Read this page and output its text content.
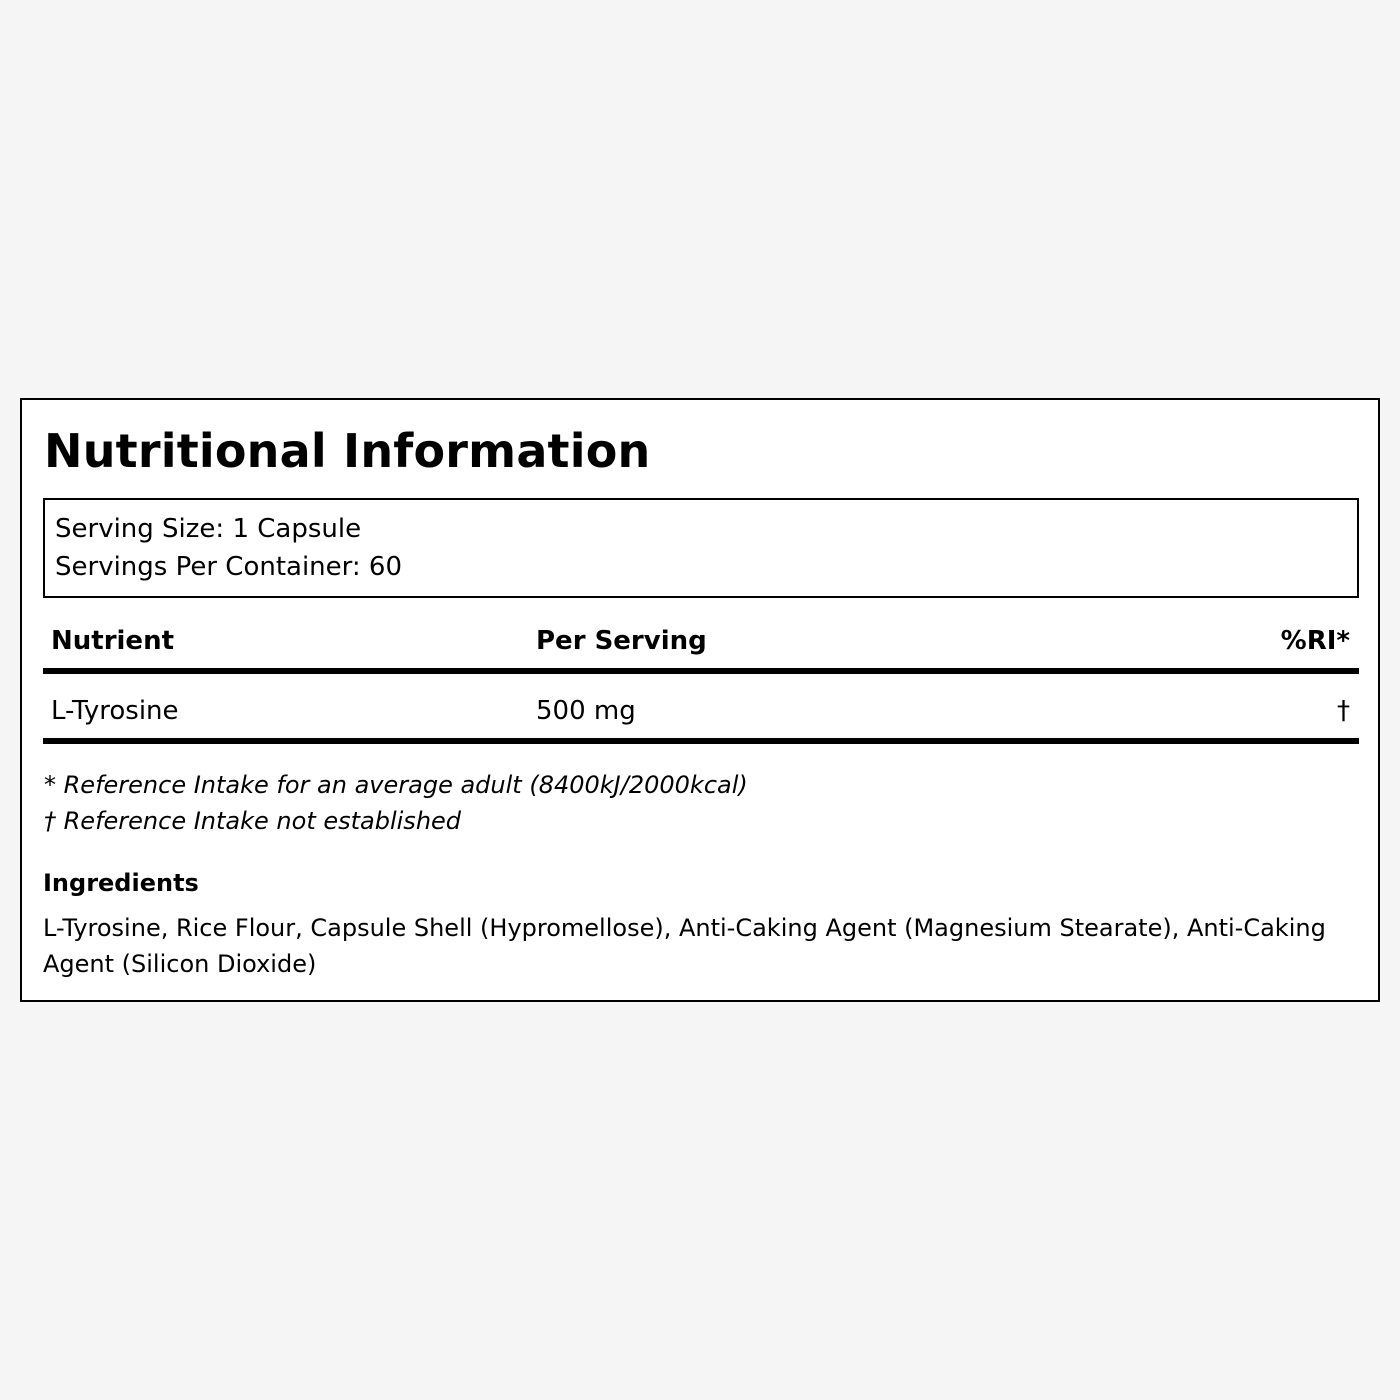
Nutritional Information
Serving Size: 1 Capsule
Servings Per Container: 60
Nutrient	Per Serving	%RI*
L-Tyrosine	500 mg	†
* Reference Intake for an average adult (8400kJ/2000kcal)
† Reference Intake not established
Ingredients
L-Tyrosine, Rice Flour, Capsule Shell (Hypromellose), Anti-Caking Agent (Magnesium Stearate), Anti-Caking Agent (Silicon Dioxide)
